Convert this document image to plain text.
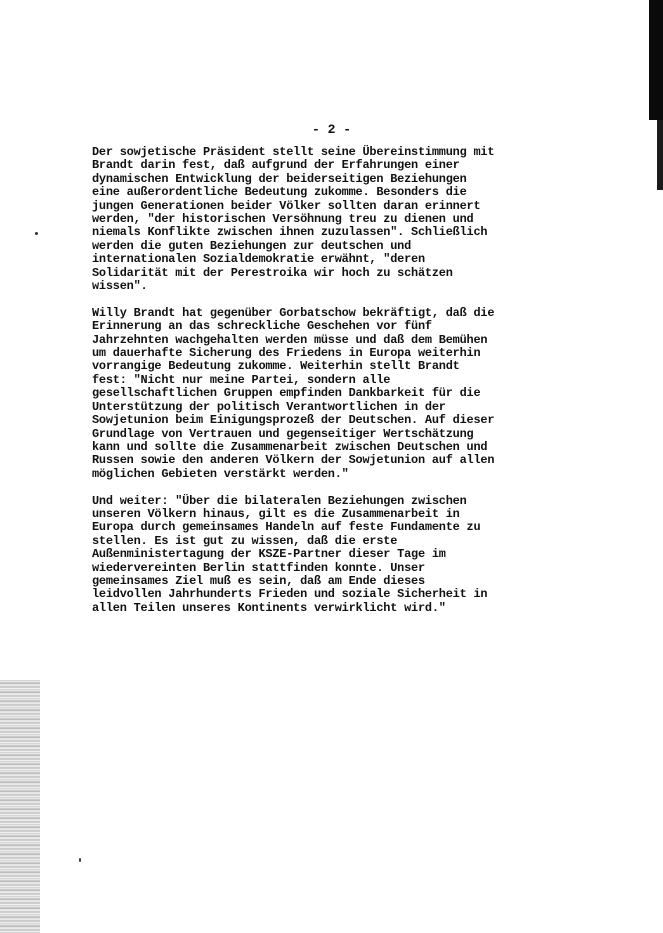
- 2 -

Der sowjetische Präsident stellt seine Übereinstimmung mit
Brandt darin fest, daß aufgrund der Erfahrungen einer
dynamischen Entwicklung der beiderseitigen Beziehungen
eine außerordentliche Bedeutung zukomme. Besonders die
jungen Generationen beider Völker sollten daran erinnert
werden, "der historischen Versöhnung treu zu dienen und
niemals Konflikte zwischen ihnen zuzulassen". Schließlich
werden die guten Beziehungen zur deutschen und
internationalen Sozialdemokratie erwähnt, "deren
Solidarität mit der Perestroika wir hoch zu schätzen
wissen".

Willy Brandt hat gegenüber Gorbatschow bekräftigt, daß die
Erinnerung an das schreckliche Geschehen vor fünf
Jahrzehnten wachgehalten werden müsse und daß dem Bemühen
um dauerhafte Sicherung des Friedens in Europa weiterhin
vorrangige Bedeutung zukomme. Weiterhin stellt Brandt
fest: "Nicht nur meine Partei, sondern alle
gesellschaftlichen Gruppen empfinden Dankbarkeit für die
Unterstützung der politisch Verantwortlichen in der
Sowjetunion beim Einigungsprozeß der Deutschen. Auf dieser
Grundlage von Vertrauen und gegenseitiger Wertschätzung
kann und sollte die Zusammenarbeit zwischen Deutschen und
Russen sowie den anderen Völkern der Sowjetunion auf allen
möglichen Gebieten verstärkt werden."

Und weiter: "Über die bilateralen Beziehungen zwischen
unseren Völkern hinaus, gilt es die Zusammenarbeit in
Europa durch gemeinsames Handeln auf feste Fundamente zu
stellen. Es ist gut zu wissen, daß die erste
Außenministertagung der KSZE-Partner dieser Tage im
wiedervereinten Berlin stattfinden konnte. Unser
gemeinsames Ziel muß es sein, daß am Ende dieses
leidvollen Jahrhunderts Frieden und soziale Sicherheit in
allen Teilen unseres Kontinents verwirklicht wird."
